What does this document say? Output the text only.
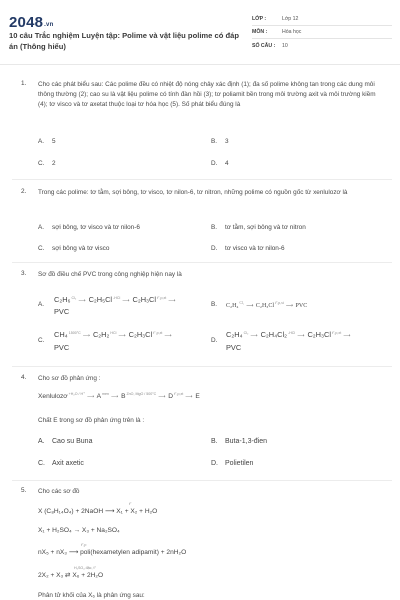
2048.vn
10 câu Trắc nghiệm Luyện tập: Polime và vật liệu polime có đáp án (Thông hiểu)
LỚP :	Lớp 12
MÔN :	Hóa học
SỐ CÂU :	10
1. Cho các phát biểu sau: Các polime đều có nhiệt độ nóng chảy xác định (1); đa số polime không tan trong các dung môi thông thường (2); cao su là vật liệu polime có tính đàn hồi (3); tơ poliamit bền trong môi trường axit và môi trường kiềm (4); tơ visco và tơ axetat thuộc loại tơ hóa học (5). Số phát biểu đúng là
A. 5	B. 3
C. 2	D. 4
2. Trong các polime: tơ tằm, sợi bông, tơ visco, tơ nilon-6, tơ nitron, những polime có nguồn gốc từ xenlulozơ là
A. sợi bông, tơ visco và tơ nilon-6	B. tơ tằm, sợi bông và tơ nitron
C. sợi bông và tơ visco	D. tơ visco và tơ nilon-6
3. Sơ đồ điều chế PVC trong công nghiệp hiện nay là
A.
C₂H₆Cl₂ ⟶ C₂H₅Cl-HCl ⟶ C₂H₃Clt°,p,xt ⟶
PVC
B. C₂H₄Cl₂⟶ C₂H₃Clt°,p,xt⟶ PVC
C.
CH₄1500°C ⟶ C₂H₂HCl ⟶ C₂H₃Clt°,p,xt ⟶
PVC
D.
C₂H₄Cl₂ ⟶ C₂H₄Cl₂-HCl ⟶ C₂H₃Clt°,p,xt ⟶
PVC
4. Cho sơ đồ phản ứng :
Xenlulozơ+H₂O / H⁺ ⟶ Amen ⟶ BZnO, MgO / 500°C ⟶ Dt°,p,xt ⟶ E
Chất E trong sơ đồ phản ứng trên là :
A. Cao su Buna	B. Buta-1,3-đien
C. Axit axetic	D. Polietilen
5. Cho các sơ đồ
X (C₈H₁₄O₄) + 2NaOH ⟶ X₁ + X₂ + H₂O
X₁ + H₂SO₄ → X₃ + Na₂SO₄
nX₅ + nX₃ ⟶ poli(hexametylen adipamit) + 2nH₂O
2X₂ + X₃ ⇄ X₆ + 2H₂O
t°
t°,p
H₂SO₄ đặc, t°
Phân tử khối của X₆ là phân ứng sau:
